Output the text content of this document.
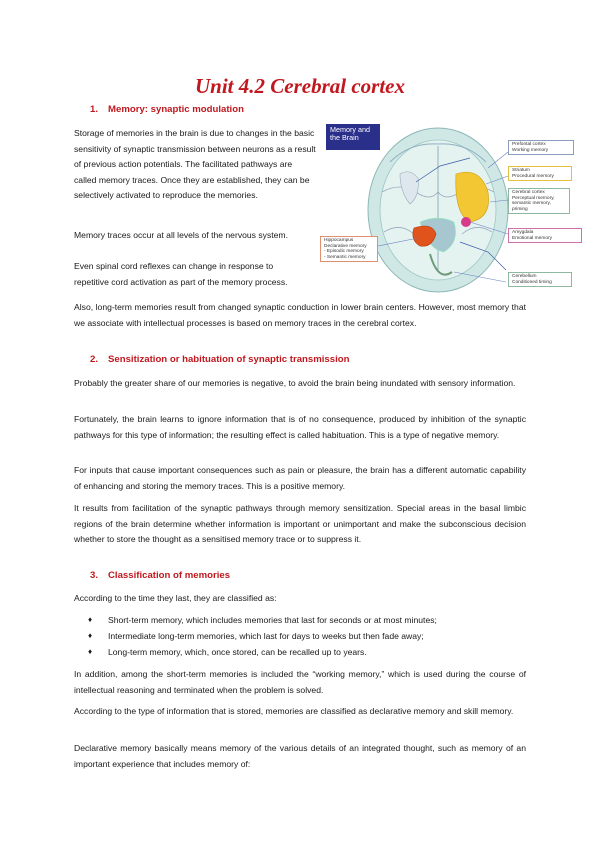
Unit 4.2 Cerebral cortex
1. Memory: synaptic modulation

Storage of memories in the brain is due to changes in the basic sensitivity of synaptic transmission between neurons as a result of previous action potentials. The facilitated pathways are called memory traces. Once they are established, they can be selectively activated to reproduce the memories.

Memory traces occur at all levels of the nervous system.

Even spinal cord reflexes can change in response to repetitive cord activation as part of the memory process.

Also, long-term memories result from changed synaptic conduction in lower brain centers. However, most memory that we associate with intellectual processes is based on memory traces in the cerebral cortex.

Memory and
the Brain
Prefontal cortex
Working memory
Striatum
Procedural memory
Cerebral cortex
Perceptual memory,
semantic memory,
priming
Amygdala
Emotional memory
Hippocampus
Declarative memory
- Episodic memory
- Semantic memory
Cerebellum
Conditioned timing
2. Sensitization or habituation of synaptic transmission

Probably the greater share of our memories is negative, to avoid the brain being inundated with sensory information.

Fortunately, the brain learns to ignore information that is of no consequence, produced by inhibition of the synaptic pathways for this type of information; the resulting effect is called habituation. This is a type of negative memory.

For inputs that cause important consequences such as pain or pleasure, the brain has a different automatic capability of enhancing and storing the memory traces. This is a positive memory.

It results from facilitation of the synaptic pathways through memory sensitization. Special areas in the basal limbic regions of the brain determine whether information is important or unimportant and make the subconscious decision whether to store the thought as a sensitised memory trace or to suppress it.

3. Classification of memories

According to the time they last, they are classified as:

♦ Short-term memory, which includes memories that last for seconds or at most minutes;
♦ Intermediate long-term memories, which last for days to weeks but then fade away;
♦ Long-term memory, which, once stored, can be recalled up to years.

In addition, among the short-term memories is included the “working memory,” which is used during the course of intellectual reasoning and terminated when the problem is solved.

According to the type of information that is stored, memories are classified as declarative memory and skill memory.

Declarative memory basically means memory of the various details of an integrated thought, such as memory of an important experience that includes memory of:
